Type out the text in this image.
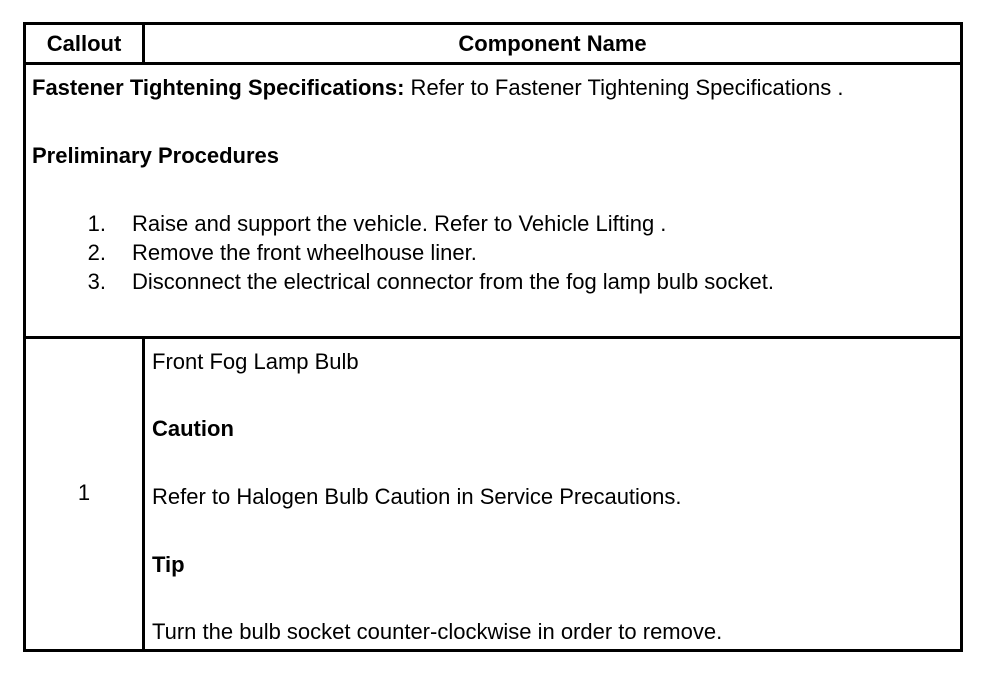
Callout	Component Name
Fastener Tightening Specifications: Refer to Fastener Tightening Specifications .
Preliminary Procedures
1. Raise and support the vehicle. Refer to Vehicle Lifting .
2. Remove the front wheelhouse liner.
3. Disconnect the electrical connector from the fog lamp bulb socket.
1
Front Fog Lamp Bulb
Caution
Refer to Halogen Bulb Caution in Service Precautions.
Tip
Turn the bulb socket counter-clockwise in order to remove.
